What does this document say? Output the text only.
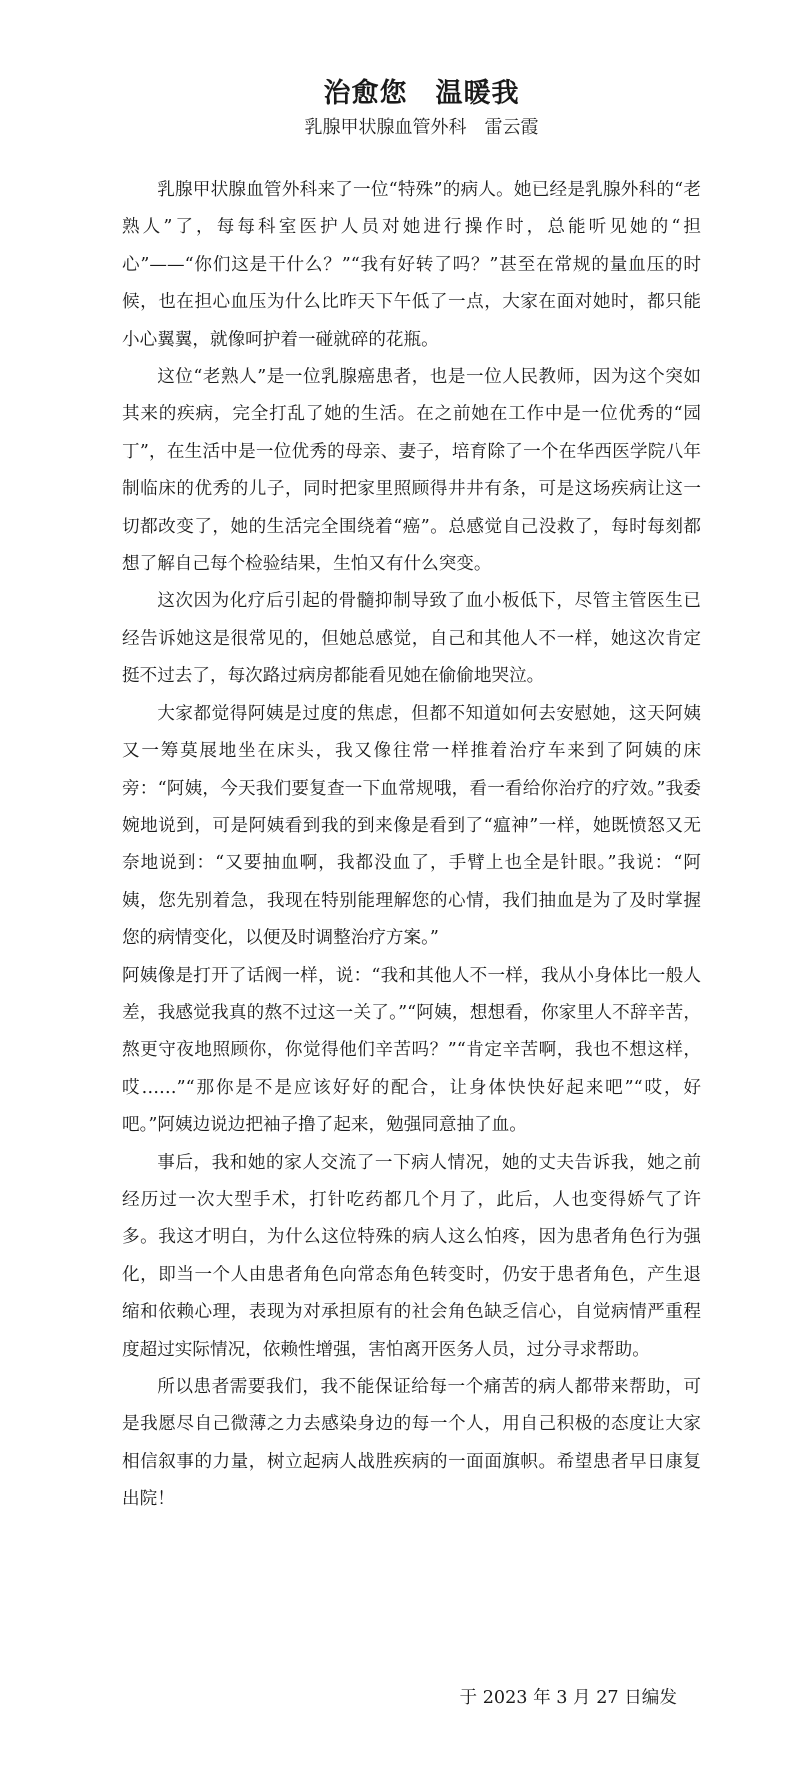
治愈您　温暖我

乳腺甲状腺血管外科　雷云霞

乳腺甲状腺血管外科来了一位“特殊”的病人。她已经是乳腺外科的“老熟人”了，每每科室医护人员对她进行操作时，总能听见她的“担心”——“你们这是干什么？”“我有好转了吗？”甚至在常规的量血压的时候，也在担心血压为什么比昨天下午低了一点，大家在面对她时，都只能小心翼翼，就像呵护着一碰就碎的花瓶。

这位“老熟人”是一位乳腺癌患者，也是一位人民教师，因为这个突如其来的疾病，完全打乱了她的生活。在之前她在工作中是一位优秀的“园丁”，在生活中是一位优秀的母亲、妻子，培育除了一个在华西医学院八年制临床的优秀的儿子，同时把家里照顾得井井有条，可是这场疾病让这一切都改变了，她的生活完全围绕着“癌”。总感觉自己没救了，每时每刻都想了解自己每个检验结果，生怕又有什么突变。

这次因为化疗后引起的骨髓抑制导致了血小板低下，尽管主管医生已经告诉她这是很常见的，但她总感觉，自己和其他人不一样，她这次肯定挺不过去了，每次路过病房都能看见她在偷偷地哭泣。

大家都觉得阿姨是过度的焦虑，但都不知道如何去安慰她，这天阿姨又一筹莫展地坐在床头，我又像往常一样推着治疗车来到了阿姨的床旁：“阿姨，今天我们要复查一下血常规哦，看一看给你治疗的疗效。”我委婉地说到，可是阿姨看到我的到来像是看到了“瘟神”一样，她既愤怒又无奈地说到：“又要抽血啊，我都没血了，手臂上也全是针眼。”我说：“阿姨，您先别着急，我现在特别能理解您的心情，我们抽血是为了及时掌握您的病情变化，以便及时调整治疗方案。”

阿姨像是打开了话阀一样，说：“我和其他人不一样，我从小身体比一般人差，我感觉我真的熬不过这一关了。”“阿姨，想想看，你家里人不辞辛苦，熬更守夜地照顾你，你觉得他们辛苦吗？”“肯定辛苦啊，我也不想这样，哎……”“那你是不是应该好好的配合，让身体快快好起来吧”“哎，好吧。”阿姨边说边把袖子撸了起来，勉强同意抽了血。

事后，我和她的家人交流了一下病人情况，她的丈夫告诉我，她之前经历过一次大型手术，打针吃药都几个月了，此后，人也变得娇气了许多。我这才明白，为什么这位特殊的病人这么怕疼，因为患者角色行为强化，即当一个人由患者角色向常态角色转变时，仍安于患者角色，产生退缩和依赖心理，表现为对承担原有的社会角色缺乏信心，自觉病情严重程度超过实际情况，依赖性增强，害怕离开医务人员，过分寻求帮助。

所以患者需要我们，我不能保证给每一个痛苦的病人都带来帮助，可是我愿尽自己微薄之力去感染身边的每一个人，用自己积极的态度让大家相信叙事的力量，树立起病人战胜疾病的一面面旗帜。希望患者早日康复出院！

于 2023 年 3 月 27 日编发
